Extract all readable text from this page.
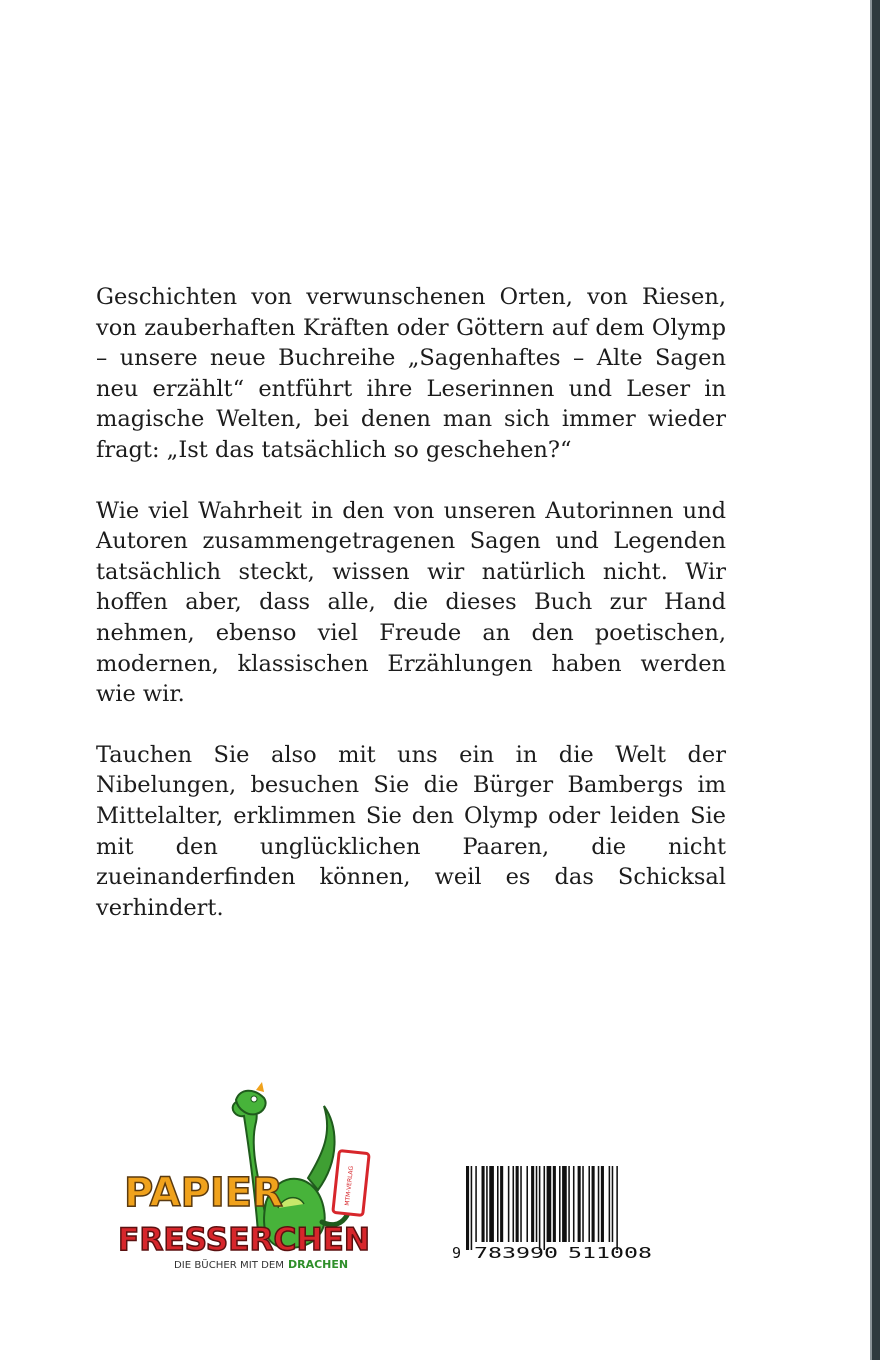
Geschichten von verwunschenen Orten, von Riesen, von zauberhaften Kräften oder Göttern auf dem Olymp – unsere neue Buchreihe „Sagenhaftes – Alte Sagen neu erzählt“ entführt ihre Leserinnen und Leser in magische Welten, bei denen man sich immer wieder fragt: „Ist das tatsächlich so geschehen?“

Wie viel Wahrheit in den von unseren Autorinnen und Autoren zusammengetragenen Sagen und Legenden tatsächlich steckt, wissen wir natürlich nicht. Wir hoffen aber, dass alle, die dieses Buch zur Hand nehmen, ebenso viel Freude an den poetischen, modernen, klassischen Erzählungen haben werden wie wir.

Tauchen Sie also mit uns ein in die Welt der Nibelungen, besuchen Sie die Bürger Bambergs im Mittelalter, erklimmen Sie den Olymp oder leiden Sie mit den unglücklichen Paaren, die nicht zueinanderfinden können, weil es das Schicksal verhindert.

MTM-VERLAG
PAPIER
FRESSERCHEN
DIE BÜCHER MIT DEM DRACHEN
9 783990 511008
